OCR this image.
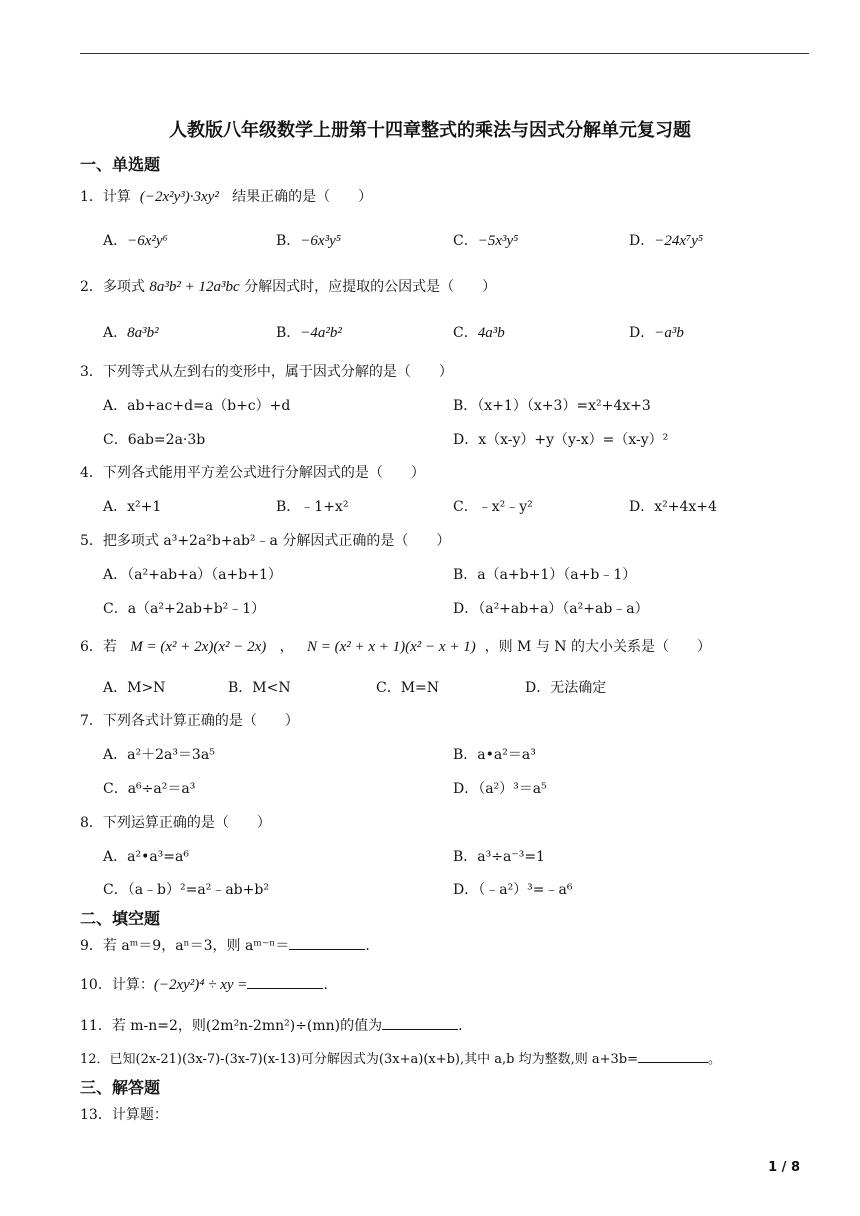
人教版八年级数学上册第十四章整式的乘法与因式分解单元复习题
一、单选题
1．计算 (−2x²y³)·3xy² 结果正确的是（　　）
A．−6x²y⁶	B．−6x³y⁵	C．−5x³y⁵	D．−24x⁷y⁵
2．多项式 8a³b² + 12a³bc 分解因式时，应提取的公因式是（　　）
A．8a³b²	B．−4a²b²	C．4a³b	D．−a³b
3．下列等式从左到右的变形中，属于因式分解的是（　　）
A．ab+ac+d=a（b+c）+d	B．（x+1）（x+3）=x²+4x+3
C．6ab=2a·3b	D．x（x-y）+y（y-x）=（x-y）²
4．下列各式能用平方差公式进行分解因式的是（　　）
A．x²+1	B．﹣1+x²	C．﹣x²﹣y²	D．x²+4x+4
5．把多项式 a³+2a²b+ab²﹣a 分解因式正确的是（　　）
A．（a²+ab+a）（a+b+1）	B．a（a+b+1）（a+b﹣1）
C．a（a²+2ab+b²﹣1）	D．（a²+ab+a）（a²+ab﹣a）
6．若 M = (x² + 2x)(x² − 2x) ， N = (x² + x + 1)(x² − x + 1) ，则 M 与 N 的大小关系是（　　）
A．M>N	B．M<N	C．M=N	D．无法确定
7．下列各式计算正确的是（　　）
A．a²＋2a³＝3a⁵	B．a•a²＝a³
C．a⁶÷a²＝a³	D．（a²）³＝a⁵
8．下列运算正确的是（　　）
A．a²•a³=a⁶	B．a³÷a⁻³=1
C．（a﹣b）²=a²﹣ab+b²	D．（﹣a²）³=﹣a⁶
二、填空题
9．若 aᵐ＝9，aⁿ＝3，则 aᵐ⁻ⁿ＝	.
10．计算：(−2xy²)⁴ ÷ xy =	.
11．若 m-n=2，则(2m²n-2mn²)÷(mn)的值为	.
12．已知(2x-21)(3x-7)-(3x-7)(x-13)可分解因式为(3x+a)(x+b),其中 a,b 均为整数,则 a+3b=	。
三、解答题
13．计算题：
1 / 8
